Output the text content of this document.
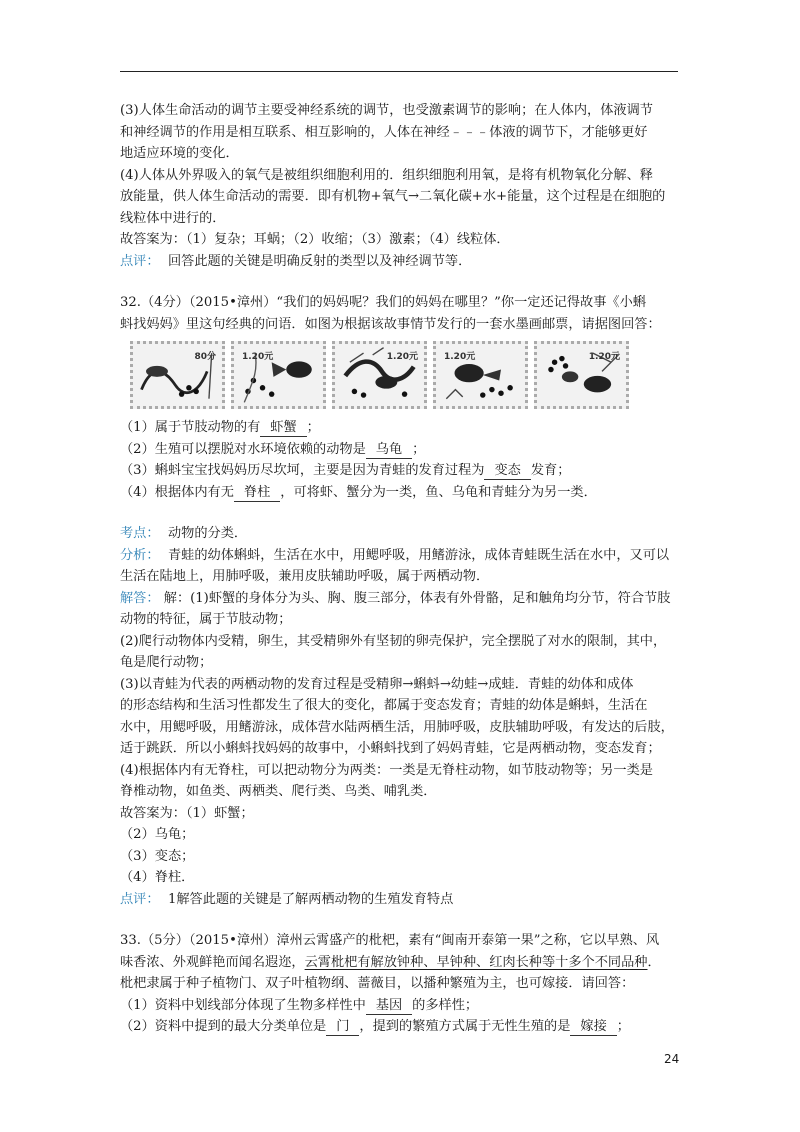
(3)人体生命活动的调节主要受神经系统的调节，也受激素调节的影响；在人体内，体液调节

和神经调节的作用是相互联系、相互影响的，人体在神经﹣﹣﹣体液的调节下，才能够更好

地适应环境的变化．

(4)人体从外界吸入的氧气是被组织细胞利用的．组织细胞利用氧，是将有机物氧化分解、释

放能量，供人体生命活动的需要．即有机物+氧气→二氧化碳+水+能量，这个过程是在细胞的

线粒体中进行的．

故答案为：（1）复杂；耳蜗；（2）收缩；（3）激素；（4）线粒体．

点评： 回答此题的关键是明确反射的类型以及神经调节等．

32.（4分）（2015•漳州）“我们的妈妈呢？我们的妈妈在哪里？”你一定还记得故事《小蝌

蚪找妈妈》里这句经典的问语．如图为根据该故事情节发行的一套水墨画邮票，请据图回答：

80分	1.20元	1.20元	1.20元	1.20元

（1）属于节肢动物的有 虾蟹 ；

（2）生殖可以摆脱对水环境依赖的动物是 乌龟 ；

（3）蝌蚪宝宝找妈妈历尽坎坷，主要是因为青蛙的发育过程为 变态 发育；

（4）根据体内有无 脊柱 ，可将虾、蟹分为一类，鱼、乌龟和青蛙分为另一类．

考点： 动物的分类．

分析： 青蛙的幼体蝌蚪，生活在水中，用鳃呼吸，用鳍游泳，成体青蛙既生活在水中，又可以

生活在陆地上，用肺呼吸，兼用皮肤辅助呼吸，属于两栖动物．

解答： 解：(1)虾蟹的身体分为头、胸、腹三部分，体表有外骨骼，足和触角均分节，符合节肢

动物的特征，属于节肢动物；

(2)爬行动物体内受精，卵生，其受精卵外有坚韧的卵壳保护，完全摆脱了对水的限制，其中，

龟是爬行动物；

(3)以青蛙为代表的两栖动物的发育过程是受精卵→蝌蚪→幼蛙→成蛙．青蛙的幼体和成体

的形态结构和生活习性都发生了很大的变化，都属于变态发育；青蛙的幼体是蝌蚪，生活在

水中，用鳃呼吸，用鳍游泳，成体营水陆两栖生活，用肺呼吸，皮肤辅助呼吸，有发达的后肢，

适于跳跃．所以小蝌蚪找妈妈的故事中，小蝌蚪找到了妈妈青蛙，它是两栖动物，变态发育；

(4)根据体内有无脊柱，可以把动物分为两类：一类是无脊柱动物，如节肢动物等；另一类是

脊椎动物，如鱼类、两栖类、爬行类、鸟类、哺乳类．

故答案为：（1）虾蟹；

（2）乌龟；

（3）变态；

（4）脊柱．

点评： 1解答此题的关键是了解两栖动物的生殖发育特点

33.（5分）（2015•漳州）漳州云霄盛产的枇杷，素有“闽南开泰第一果”之称，它以早熟、风

味香浓、外观鲜艳而闻名遐迩，云霄枇杷有解放钟种、早钟种、红肉长种等十多个不同品种．

枇杷隶属于种子植物门、双子叶植物纲、蔷薇目，以播种繁殖为主，也可嫁接．请回答：

（1）资料中划线部分体现了生物多样性中 基因 的多样性；

（2）资料中提到的最大分类单位是 门 ，提到的繁殖方式属于无性生殖的是 嫁接 ；

24
